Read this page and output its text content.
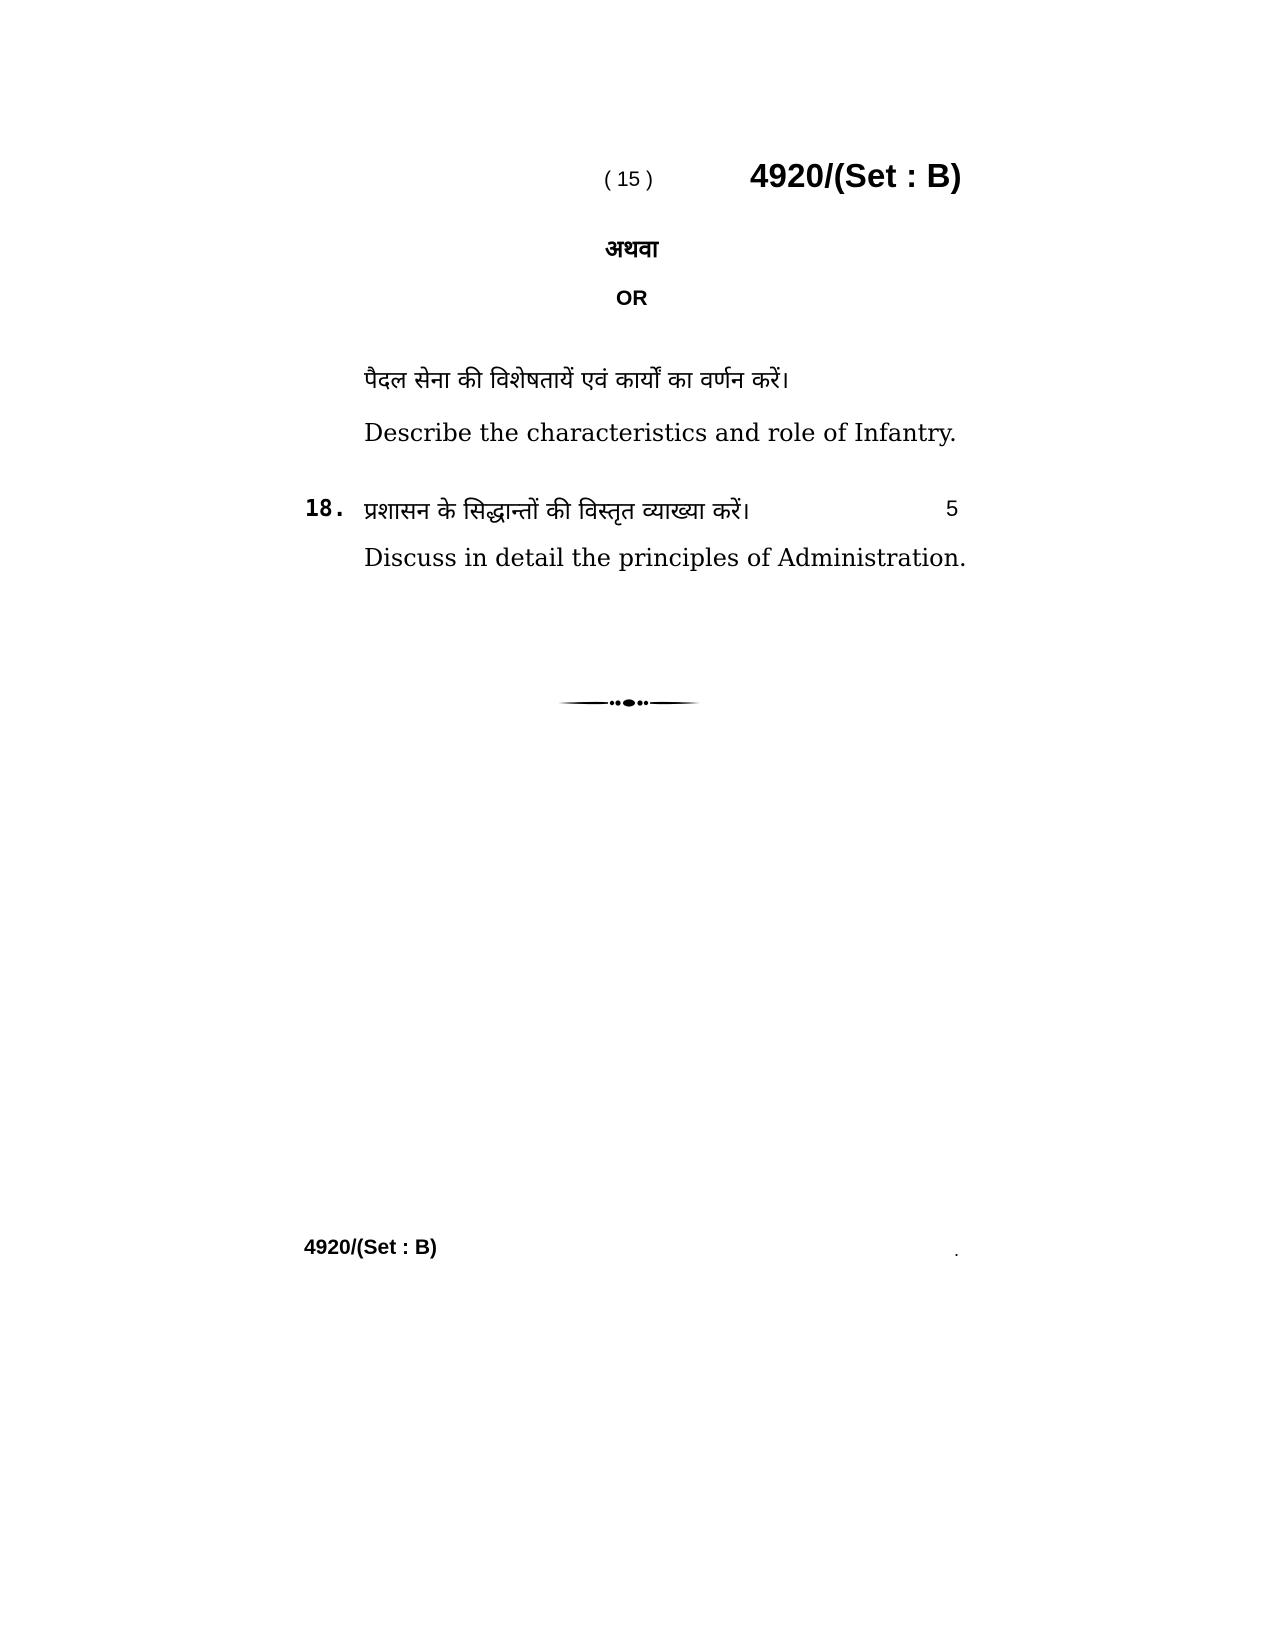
( 15 )	4920/(Set : B)
अथवा
OR
पैदल सेना की विशेषतायें एवं कार्यों का वर्णन करें।
Describe the characteristics and role of Infantry.
18. प्रशासन के सिद्धान्तों की विस्तृत व्याख्या करें।	5
Discuss in detail the principles of Administration.
4920/(Set : B)	.
